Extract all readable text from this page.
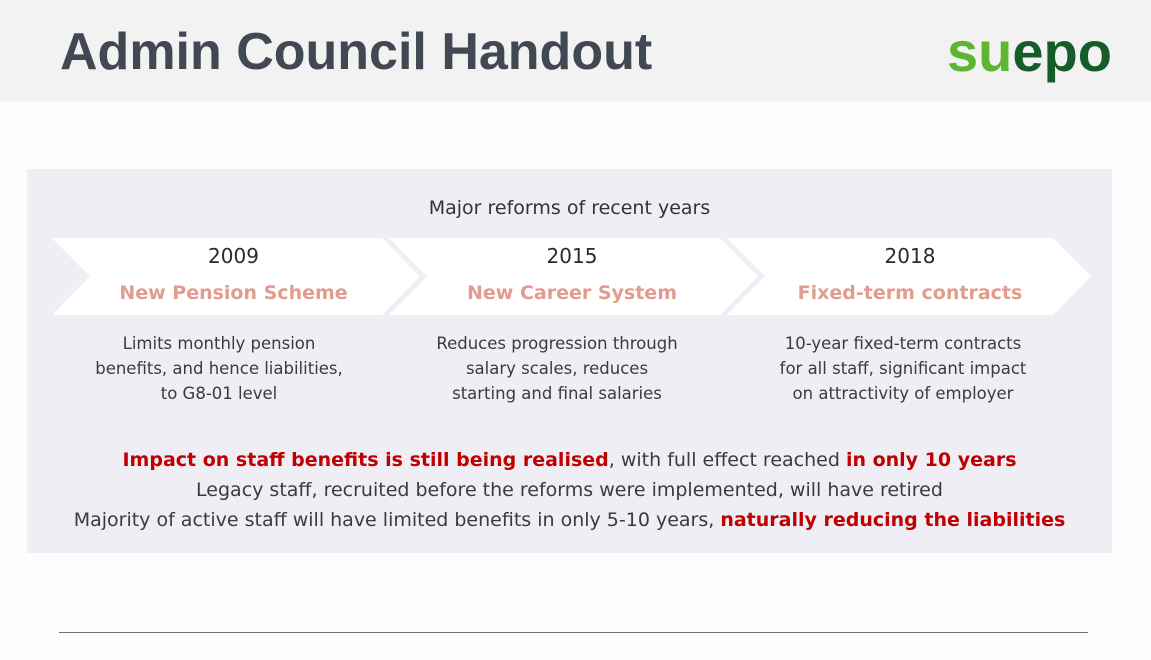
Admin Council Handout	suepo
Major reforms of recent years
2009
New Pension Scheme
2015
New Career System
2018
Fixed-term contracts
Limits monthly pension
benefits, and hence liabilities,
to G8-01 level
Reduces progression through
salary scales, reduces
starting and final salaries
10-year fixed-term contracts
for all staff, significant impact
on attractivity of employer
Impact on staff benefits is still being realised, with full effect reached in only 10 years
Legacy staff, recruited before the reforms were implemented, will have retired
Majority of active staff will have limited benefits in only 5-10 years, naturally reducing the liabilities
